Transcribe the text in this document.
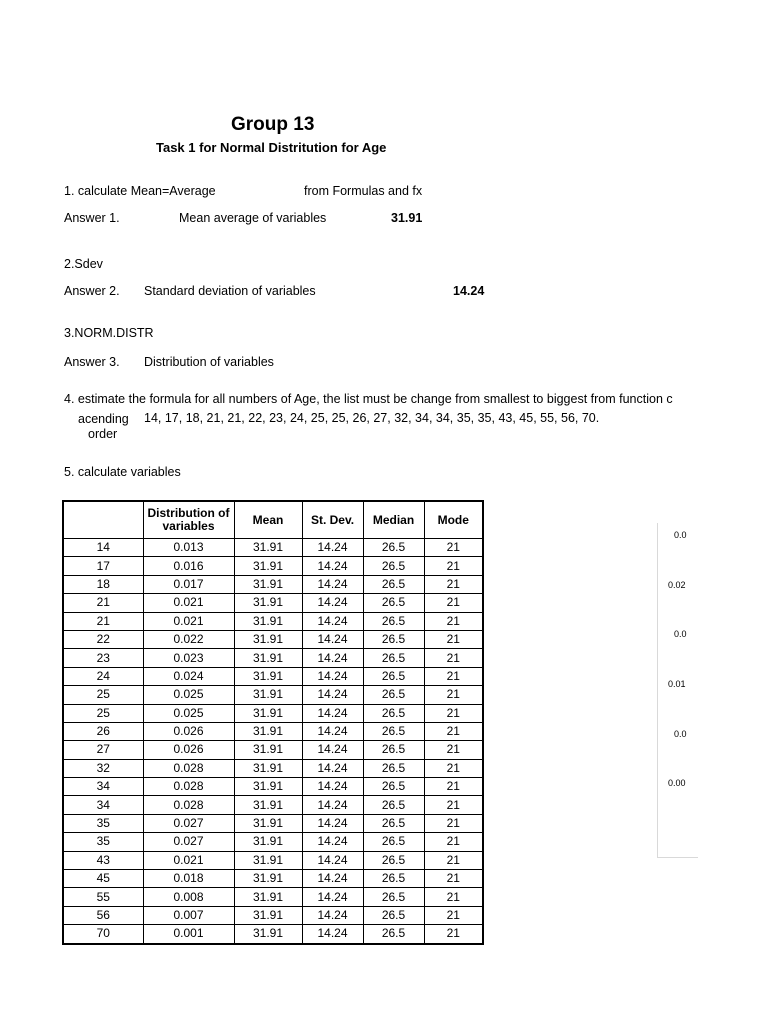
Group 13
Task 1 for Normal Distritution for Age
1. calculate Mean=Average	from Formulas and fx
Answer 1.	Mean average of variables	31.91
2.Sdev
Answer 2. Standard deviation of variables	14.24
3.NORM.DISTR
Answer 3. Distribution of variables
4. estimate the formula for all numbers of Age, the list must be change from smallest to biggest from function c
acending
order
14, 17, 18, 21, 21, 22, 23, 24, 25, 25, 26, 27, 32, 34, 34, 35, 35, 43, 45, 55, 56, 70.
5. calculate variables
	Distribution of variables	Mean	St. Dev.	Median	Mode
14	0.013	31.91	14.24	26.5	21
17	0.016	31.91	14.24	26.5	21
18	0.017	31.91	14.24	26.5	21
21	0.021	31.91	14.24	26.5	21
21	0.021	31.91	14.24	26.5	21
22	0.022	31.91	14.24	26.5	21
23	0.023	31.91	14.24	26.5	21
24	0.024	31.91	14.24	26.5	21
25	0.025	31.91	14.24	26.5	21
25	0.025	31.91	14.24	26.5	21
26	0.026	31.91	14.24	26.5	21
27	0.026	31.91	14.24	26.5	21
32	0.028	31.91	14.24	26.5	21
34	0.028	31.91	14.24	26.5	21
34	0.028	31.91	14.24	26.5	21
35	0.027	31.91	14.24	26.5	21
35	0.027	31.91	14.24	26.5	21
43	0.021	31.91	14.24	26.5	21
45	0.018	31.91	14.24	26.5	21
55	0.008	31.91	14.24	26.5	21
56	0.007	31.91	14.24	26.5	21
70	0.001	31.91	14.24	26.5	21
0.0
0.02
0.0
0.01
0.0
0.00
